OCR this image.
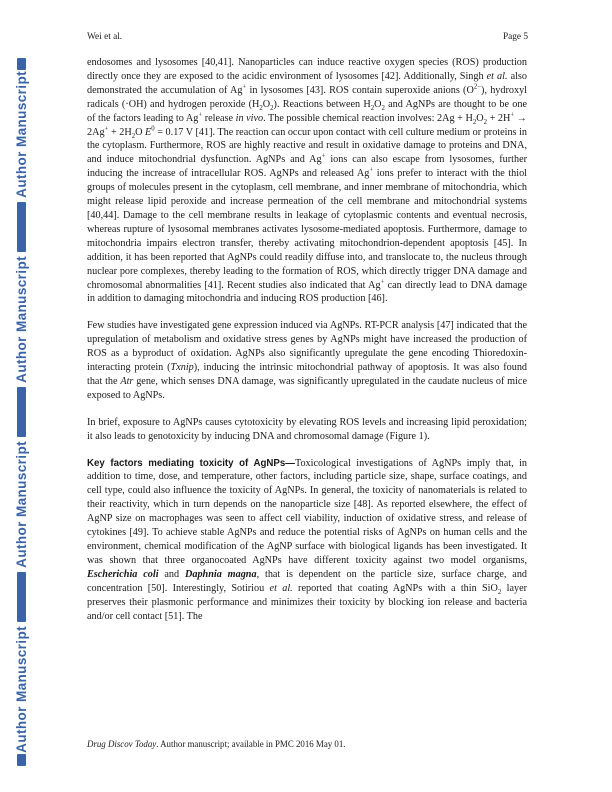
Author Manuscript
Author Manuscript
Author Manuscript
Author Manuscript
Wei et al.	Page 5

endosomes and lysosomes [40,41]. Nanoparticles can induce reactive oxygen species (ROS) production directly once they are exposed to the acidic environment of lysosomes [42]. Additionally, Singh et al. also demonstrated the accumulation of Ag+ in lysosomes [43]. ROS contain superoxide anions $(O^{2-})$, hydroxyl radicals (·OH) and hydrogen peroxide $(H_2O_2)$. Reactions between $H_2O_2$ and AgNPs are thought to be one of the factors leading to Ag+ release in vivo. The possible chemical reaction involves: $2Ag + H_2O_2 + 2H^+ \to 2Ag^+ + 2H_2O$ $E^0 = 0.17$ V [41]. The reaction can occur upon contact with cell culture medium or proteins in the cytoplasm. Furthermore, ROS are highly reactive and result in oxidative damage to proteins and DNA, and induce mitochondrial dysfunction. AgNPs and Ag+ ions can also escape from lysosomes, further inducing the increase of intracellular ROS. AgNPs and released Ag+ ions prefer to interact with the thiol groups of molecules present in the cytoplasm, cell membrane, and inner membrane of mitochondria, which might release lipid peroxide and increase permeation of the cell membrane and mitochondrial systems [40,44]. Damage to the cell membrane results in leakage of cytoplasmic contents and eventual necrosis, whereas rupture of lysosomal membranes activates lysosome-mediated apoptosis. Furthermore, damage to mitochondria impairs electron transfer, thereby activating mitochondrion-dependent apoptosis [45]. In addition, it has been reported that AgNPs could readily diffuse into, and translocate to, the nucleus through nuclear pore complexes, thereby leading to the formation of ROS, which directly trigger DNA damage and chromosomal abnormalities [41]. Recent studies also indicated that Ag+ can directly lead to DNA damage in addition to damaging mitochondria and inducing ROS production [46].

Few studies have investigated gene expression induced via AgNPs. RT-PCR analysis [47] indicated that the upregulation of metabolism and oxidative stress genes by AgNPs might have increased the production of ROS as a byproduct of oxidation. AgNPs also significantly upregulate the gene encoding Thioredoxin-interacting protein (Txnip), inducing the intrinsic mitochondrial pathway of apoptosis. It was also found that the Atr gene, which senses DNA damage, was significantly upregulated in the caudate nucleus of mice exposed to AgNPs.

In brief, exposure to AgNPs causes cytotoxicity by elevating ROS levels and increasing lipid peroxidation; it also leads to genotoxicity by inducing DNA and chromosomal damage (Figure 1).

Key factors mediating toxicity of AgNPs—Toxicological investigations of AgNPs imply that, in addition to time, dose, and temperature, other factors, including particle size, shape, surface coatings, and cell type, could also influence the toxicity of AgNPs. In general, the toxicity of nanomaterials is related to their reactivity, which in turn depends on the nanoparticle size [48]. As reported elsewhere, the effect of AgNP size on macrophages was seen to affect cell viability, induction of oxidative stress, and release of cytokines [49]. To achieve stable AgNPs and reduce the potential risks of AgNPs on human cells and the environment, chemical modification of the AgNP surface with biological ligands has been investigated. It was shown that three organocoated AgNPs have different toxicity against two model organisms, Escherichia coli and Daphnia magna, that is dependent on the particle size, surface charge, and concentration [50]. Interestingly, Sotiriou et al. reported that coating AgNPs with a thin SiO$_2$ layer preserves their plasmonic performance and minimizes their toxicity by blocking ion release and bacteria and/or cell contact [51]. The

Drug Discov Today. Author manuscript; available in PMC 2016 May 01.
